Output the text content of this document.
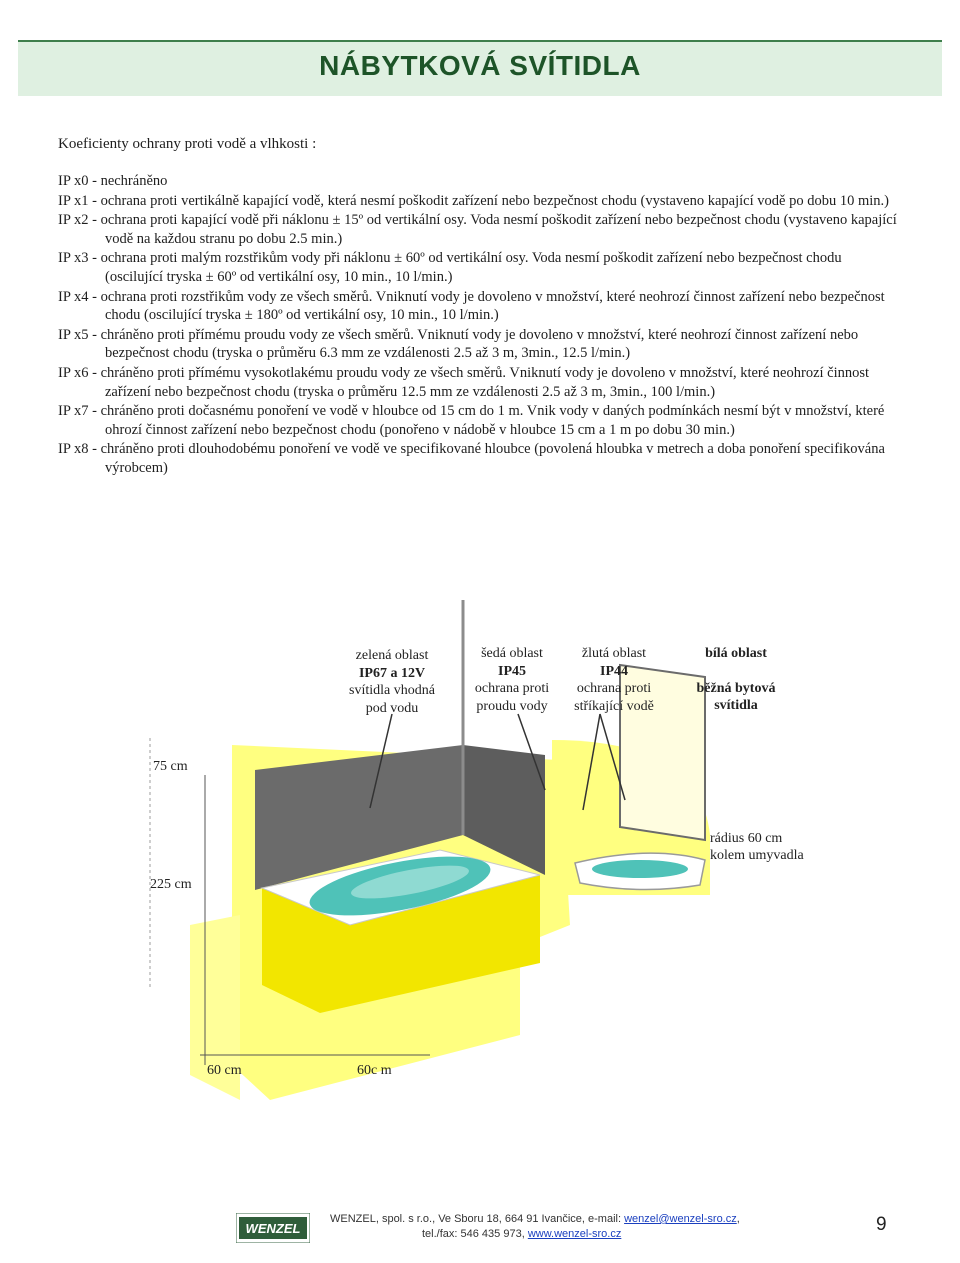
NÁBYTKOVÁ SVÍTIDLA
Koeficienty ochrany proti vodě a vlhkosti :
IP x0 - nechráněno
IP x1 - ochrana proti vertikálně kapající vodě, která nesmí poškodit zařízení nebo bezpečnost chodu (vystaveno kapající vodě po dobu 10 min.)
IP x2 - ochrana proti kapající vodě při náklonu ± 15º od vertikální osy. Voda nesmí poškodit zařízení nebo bezpečnost chodu (vystaveno kapající vodě na každou stranu po dobu 2.5 min.)
IP x3 - ochrana proti malým rozstřikům vody při náklonu ± 60º od vertikální osy. Voda nesmí poškodit zařízení nebo bezpečnost chodu (oscilující tryska ± 60º od vertikální osy, 10 min., 10 l/min.)
IP x4 - ochrana proti rozstřikům vody ze všech směrů. Vniknutí vody je dovoleno v množství, které neohrozí činnost zařízení nebo bezpečnost chodu (oscilující tryska ± 180º od vertikální osy, 10 min., 10 l/min.)
IP x5 - chráněno proti přímému proudu vody ze všech směrů. Vniknutí vody je dovoleno v množství, které neohrozí činnost zařízení nebo bezpečnost chodu (tryska o průměru 6.3 mm ze vzdálenosti 2.5 až 3 m, 3min., 12.5 l/min.)
IP x6 - chráněno proti přímému vysokotlakému proudu vody ze všech směrů. Vniknutí vody je dovoleno v množství, které neohrozí činnost zařízení nebo bezpečnost chodu (tryska o průměru 12.5 mm ze vzdálenosti 2.5 až 3 m, 3min., 100 l/min.)
IP x7 - chráněno proti dočasnému ponoření ve vodě v hloubce od 15 cm do 1 m. Vnik vody v daných podmínkách nesmí být v množství, které ohrozí činnost zařízení nebo bezpečnost chodu (ponořeno v nádobě v hloubce 15 cm a 1 m po dobu 30 min.)
IP x8 - chráněno proti dlouhodobému ponoření ve vodě ve specifikované hloubce (povolená hloubka v metrech a doba ponoření specifikována výrobcem)
zelená oblast
IP67 a 12V
svítidla vhodná
pod vodu
šedá oblast
IP45
ochrana proti
proudu vody
žlutá oblast
IP44
ochrana proti
stříkající vodě
bílá oblast
běžná bytová
svítidla
75 cm
225 cm
rádius 60 cm
kolem umyvadla
60 cm	60c m
WENZEL
WENZEL, spol. s r.o., Ve Sboru 18, 664 91 Ivančice, e-mail: wenzel@wenzel-sro.cz,
tel./fax: 546 435 973, www.wenzel-sro.cz	9
